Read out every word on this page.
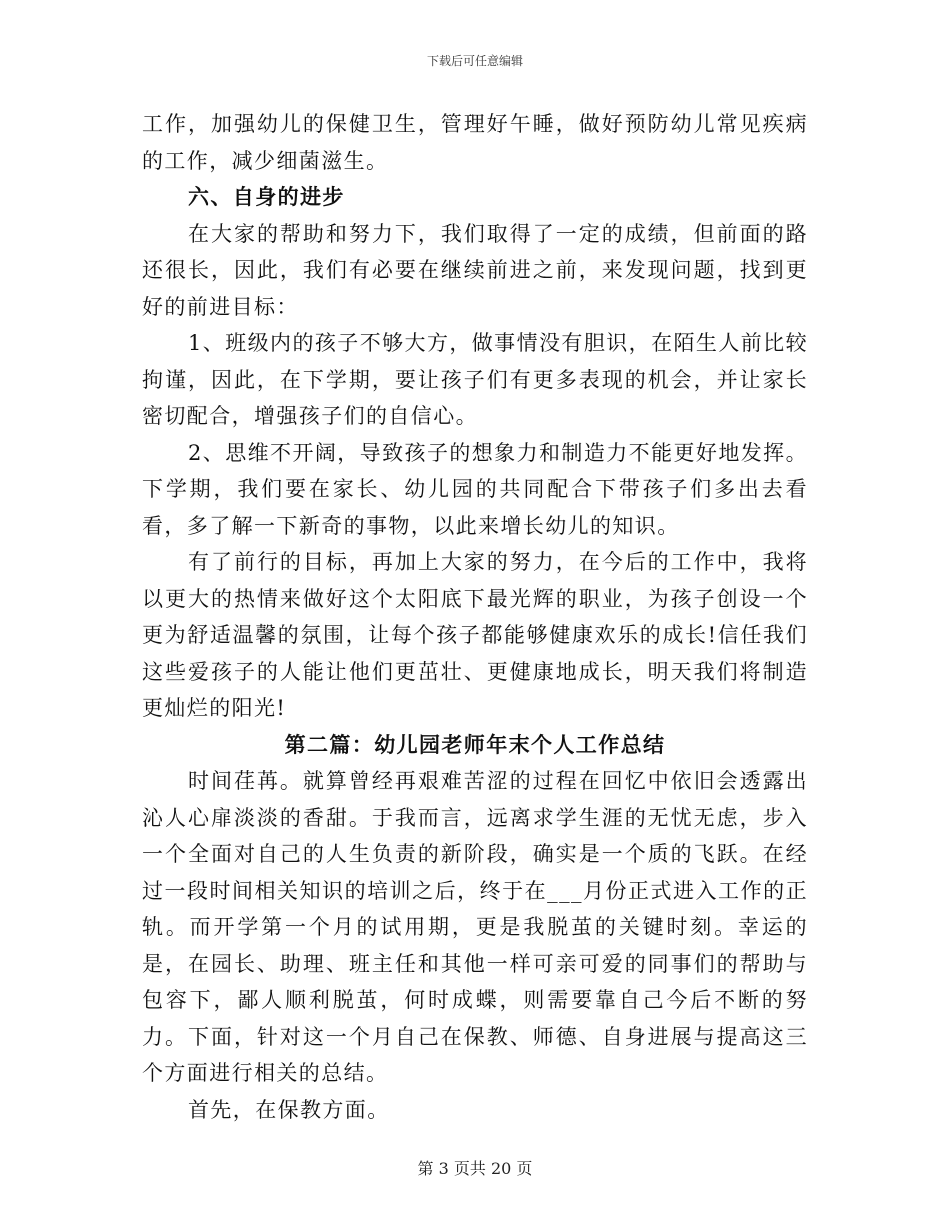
下载后可任意编辑

工作，加强幼儿的保健卫生，管理好午睡，做好预防幼儿常见疾病的工作，减少细菌滋生。

六、自身的进步

在大家的帮助和努力下，我们取得了一定的成绩，但前面的路还很长，因此，我们有必要在继续前进之前，来发现问题，找到更好的前进目标：

1、班级内的孩子不够大方，做事情没有胆识，在陌生人前比较拘谨，因此，在下学期，要让孩子们有更多表现的机会，并让家长密切配合，增强孩子们的自信心。

2、思维不开阔，导致孩子的想象力和制造力不能更好地发挥。下学期，我们要在家长、幼儿园的共同配合下带孩子们多出去看看，多了解一下新奇的事物，以此来增长幼儿的知识。

有了前行的目标，再加上大家的努力，在今后的工作中，我将以更大的热情来做好这个太阳底下最光辉的职业，为孩子创设一个更为舒适温馨的氛围，让每个孩子都能够健康欢乐的成长!信任我们这些爱孩子的人能让他们更茁壮、更健康地成长，明天我们将制造更灿烂的阳光!

第二篇：幼儿园老师年末个人工作总结

时间荏苒。就算曾经再艰难苦涩的过程在回忆中依旧会透露出沁人心扉淡淡的香甜。于我而言，远离求学生涯的无忧无虑，步入一个全面对自己的人生负责的新阶段，确实是一个质的飞跃。在经过一段时间相关知识的培训之后，终于在___月份正式进入工作的正轨。而开学第一个月的试用期，更是我脱茧的关键时刻。幸运的是，在园长、助理、班主任和其他一样可亲可爱的同事们的帮助与包容下，鄙人顺利脱茧，何时成蝶，则需要靠自己今后不断的努力。下面，针对这一个月自己在保教、师德、自身进展与提高这三个方面进行相关的总结。

首先，在保教方面。

第 3 页共 20 页
